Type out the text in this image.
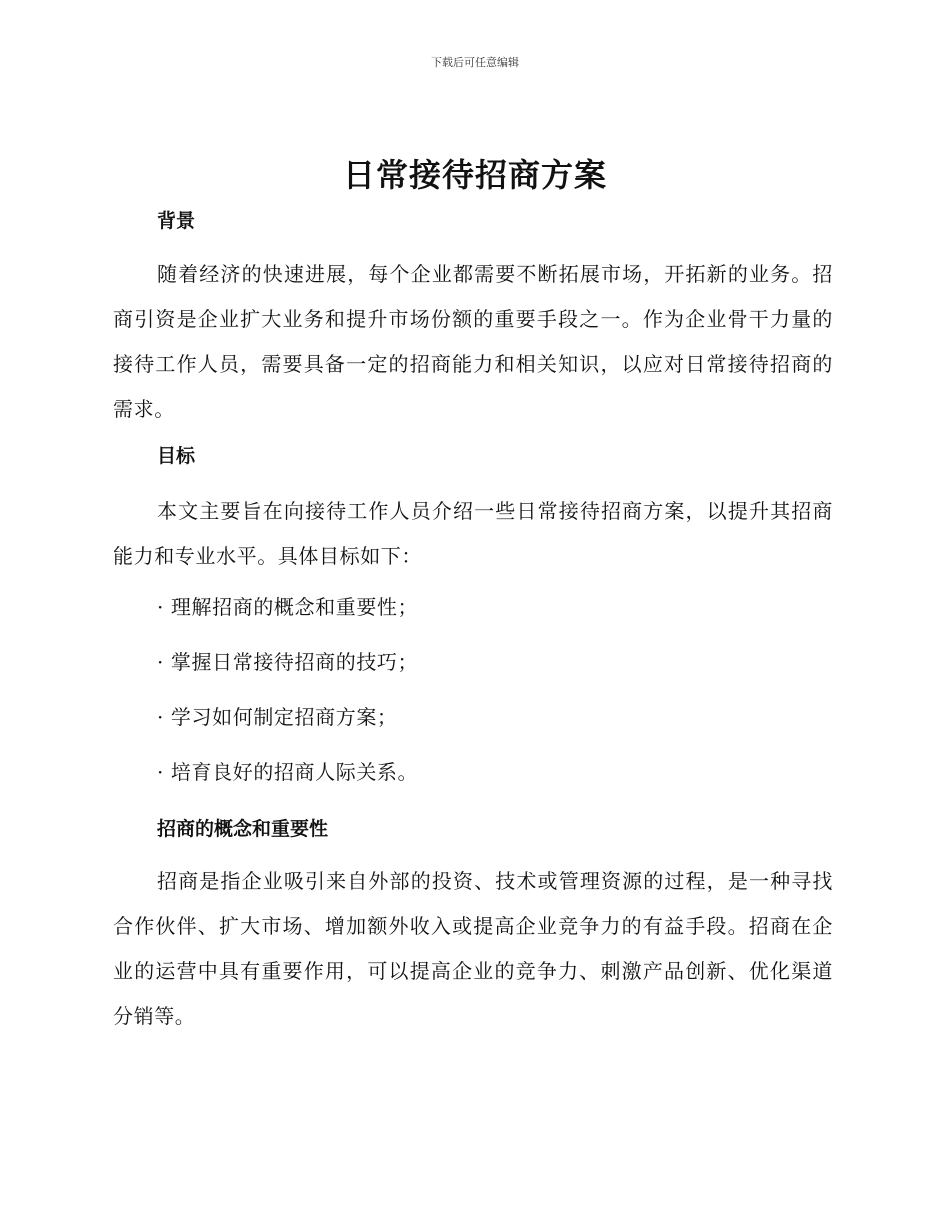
下载后可任意编辑
日常接待招商方案
背景

随着经济的快速进展，每个企业都需要不断拓展市场，开拓新的业务。招商引资是企业扩大业务和提升市场份额的重要手段之一。作为企业骨干力量的接待工作人员，需要具备一定的招商能力和相关知识，以应对日常接待招商的需求。

目标

本文主要旨在向接待工作人员介绍一些日常接待招商方案，以提升其招商能力和专业水平。具体目标如下：

· 理解招商的概念和重要性；

· 掌握日常接待招商的技巧；

· 学习如何制定招商方案；

· 培育良好的招商人际关系。

招商的概念和重要性

招商是指企业吸引来自外部的投资、技术或管理资源的过程，是一种寻找合作伙伴、扩大市场、增加额外收入或提高企业竞争力的有益手段。招商在企业的运营中具有重要作用，可以提高企业的竞争力、刺激产品创新、优化渠道分销等。
